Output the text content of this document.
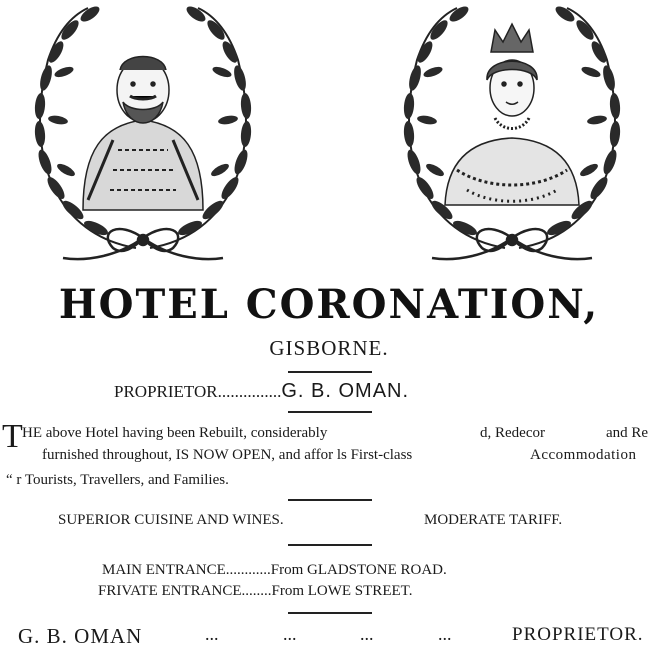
HOTEL CORONATION,
GISBORNE.
PROPRIETOR...............G. B. OMAN.
T HE above Hotel having been Rebuilt, considerably	d, Redecor	and Re
furnished throughout, IS NOW OPEN, and affor ls First-class	Accommodation
“ r Tourists, Travellers, and Families.
SUPERIOR CUISINE AND WINES.	MODERATE TARIFF.
MAIN ENTRANCE............From GLADSTONE ROAD.
FRIVATE ENTRANCE........From LOWE STREET.
G. B. OMAN	...	...	...	...	PROPRIETOR.
